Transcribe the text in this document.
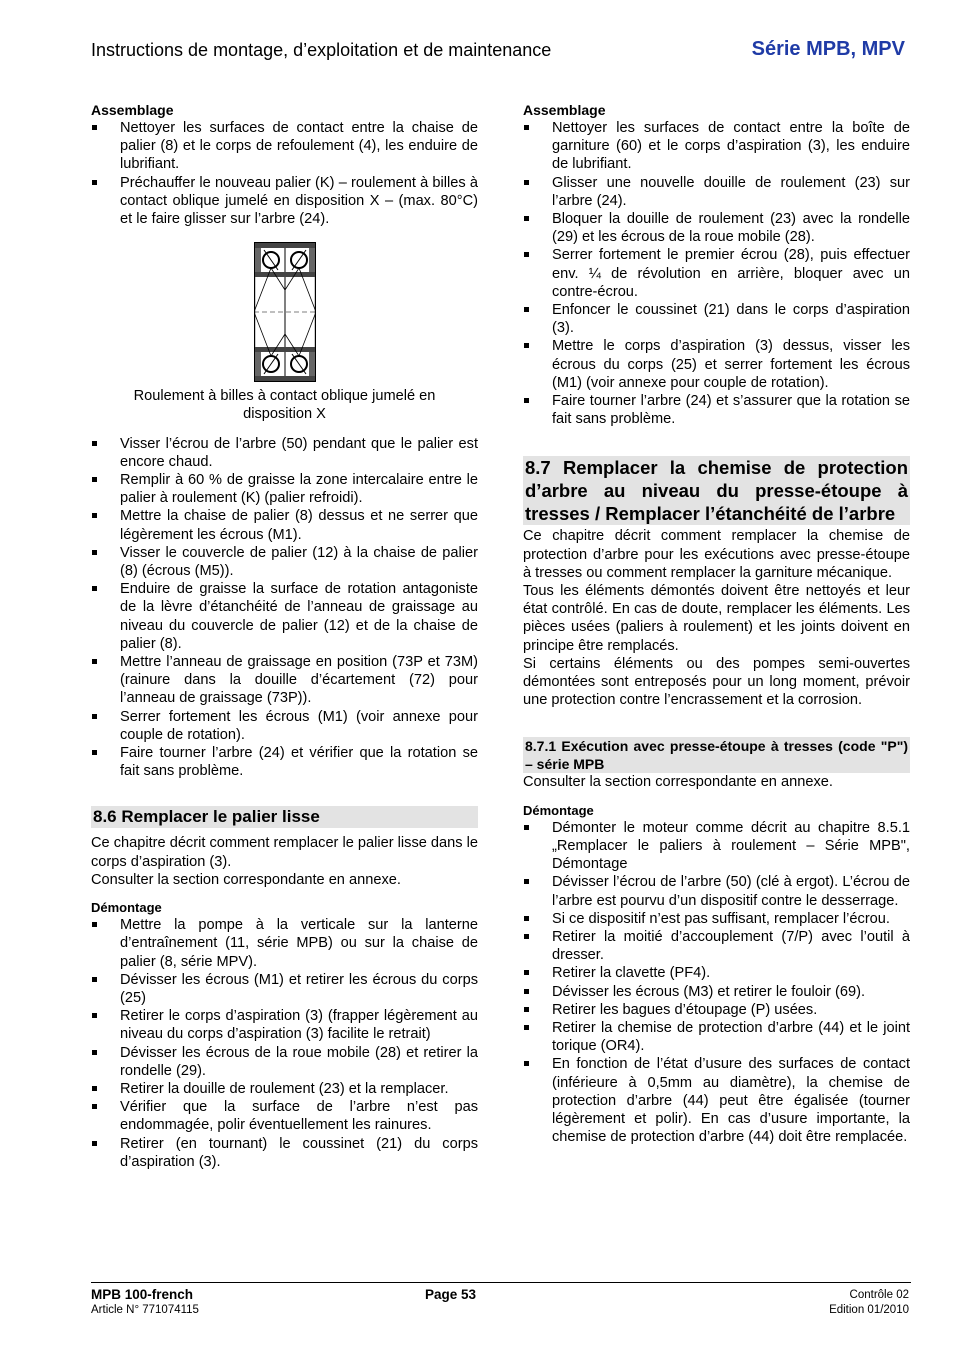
Instructions de montage, d’exploitation et de maintenance	Série MPB, MPV
Assemblage
Nettoyer les surfaces de contact entre la chaise de palier (8) et le corps de refoulement (4), les enduire de lubrifiant.
Préchauffer le nouveau palier (K) – roulement à billes à contact oblique jumelé en disposition X – (max. 80°C) et le faire glisser sur l’arbre (24).
Roulement à billes à contact oblique jumelé en disposition X
Visser l’écrou de l’arbre (50) pendant que le palier est encore chaud.
Remplir à 60 % de graisse la zone intercalaire entre le palier à roulement (K) (palier refroidi).
Mettre la chaise de palier (8) dessus et ne serrer que légèrement les écrous (M1).
Visser le couvercle de palier (12) à la chaise de palier (8) (écrous (M5)).
Enduire de graisse la surface de rotation antagoniste de la lèvre d’étanchéité de l’anneau de graissage au niveau du couvercle de palier (12) et de la chaise de palier (8).
Mettre l’anneau de graissage en position (73P et 73M) (rainure dans la douille d’écartement (72) pour l’anneau de graissage (73P)).
Serrer fortement les écrous (M1) (voir annexe pour couple de rotation).
Faire tourner l’arbre (24) et vérifier que la rotation se fait sans problème.
8.6 Remplacer le palier lisse
Ce chapitre décrit comment remplacer le palier lisse dans le corps d’aspiration (3).
Consulter la section correspondante en annexe.
Démontage
Mettre la pompe à la verticale sur la lanterne d’entraînement (11, série MPB) ou sur la chaise de palier (8, série MPV).
Dévisser les écrous (M1) et retirer les écrous du corps (25)
Retirer le corps d’aspiration (3) (frapper légèrement au niveau du corps d’aspiration (3) facilite le retrait)
Dévisser les écrous de la roue mobile (28) et retirer la rondelle (29).
Retirer la douille de roulement (23) et la remplacer.
Vérifier que la surface de l’arbre n’est pas endommagée, polir éventuellement les rainures.
Retirer (en tournant) le coussinet (21) du corps d’aspiration (3).
Assemblage
Nettoyer les surfaces de contact entre la boîte de garniture (60) et le corps d’aspiration (3), les enduire de lubrifiant.
Glisser une nouvelle douille de roulement (23) sur l’arbre (24).
Bloquer la douille de roulement (23) avec la rondelle (29) et les écrous de la roue mobile (28).
Serrer fortement le premier écrou (28), puis effectuer env. ¼ de révolution en arrière, bloquer avec un contre-écrou.
Enfoncer le coussinet (21) dans le corps d’aspiration (3).
Mettre le corps d’aspiration (3) dessus, visser les écrous du corps (25) et serrer fortement les écrous (M1) (voir annexe pour couple de rotation).
Faire tourner l’arbre (24) et s’assurer que la rotation se fait sans problème.
8.7 Remplacer la chemise de protection d’arbre au niveau du presse-étoupe à tresses / Remplacer l’étanchéité de l’arbre
Ce chapitre décrit comment remplacer la chemise de protection d’arbre pour les exécutions avec presse-étoupe à tresses ou comment remplacer la garniture mécanique.
Tous les éléments démontés doivent être nettoyés et leur état contrôlé. En cas de doute, remplacer les éléments. Les pièces usées (paliers à roulement) et les joints doivent en principe être remplacés.
Si certains éléments ou des pompes semi-ouvertes démontées sont entreposés pour un long moment, prévoir une protection contre l’encrassement et la corrosion.
8.7.1 Exécution avec presse-étoupe à tresses (code "P") – série MPB
Consulter la section correspondante en annexe.
Démontage
Démonter le moteur comme décrit au chapitre 8.5.1 „Remplacer le paliers à roulement – Série MPB", Démontage
Dévisser l’écrou de l’arbre (50) (clé à ergot). L’écrou de l’arbre est pourvu d’un dispositif contre le desserrage.
Si ce dispositif n’est pas suffisant, remplacer l’écrou.
Retirer la moitié d’accouplement (7/P) avec l’outil à dresser.
Retirer la clavette (PF4).
Dévisser les écrous (M3) et retirer le fouloir (69).
Retirer les bagues d’étoupage (P) usées.
Retirer la chemise de protection d’arbre (44) et le joint torique (OR4).
En fonction de l’état d’usure des surfaces de contact (inférieure à 0,5mm au diamètre), la chemise de protection d’arbre (44) peut être égalisée (tourner légèrement et polir). En cas d’usure importante, la chemise de protection d’arbre (44) doit être remplacée.
MPB 100-french
Article N° 771074115
Page 53	Contrôle 02
Edition 01/2010
